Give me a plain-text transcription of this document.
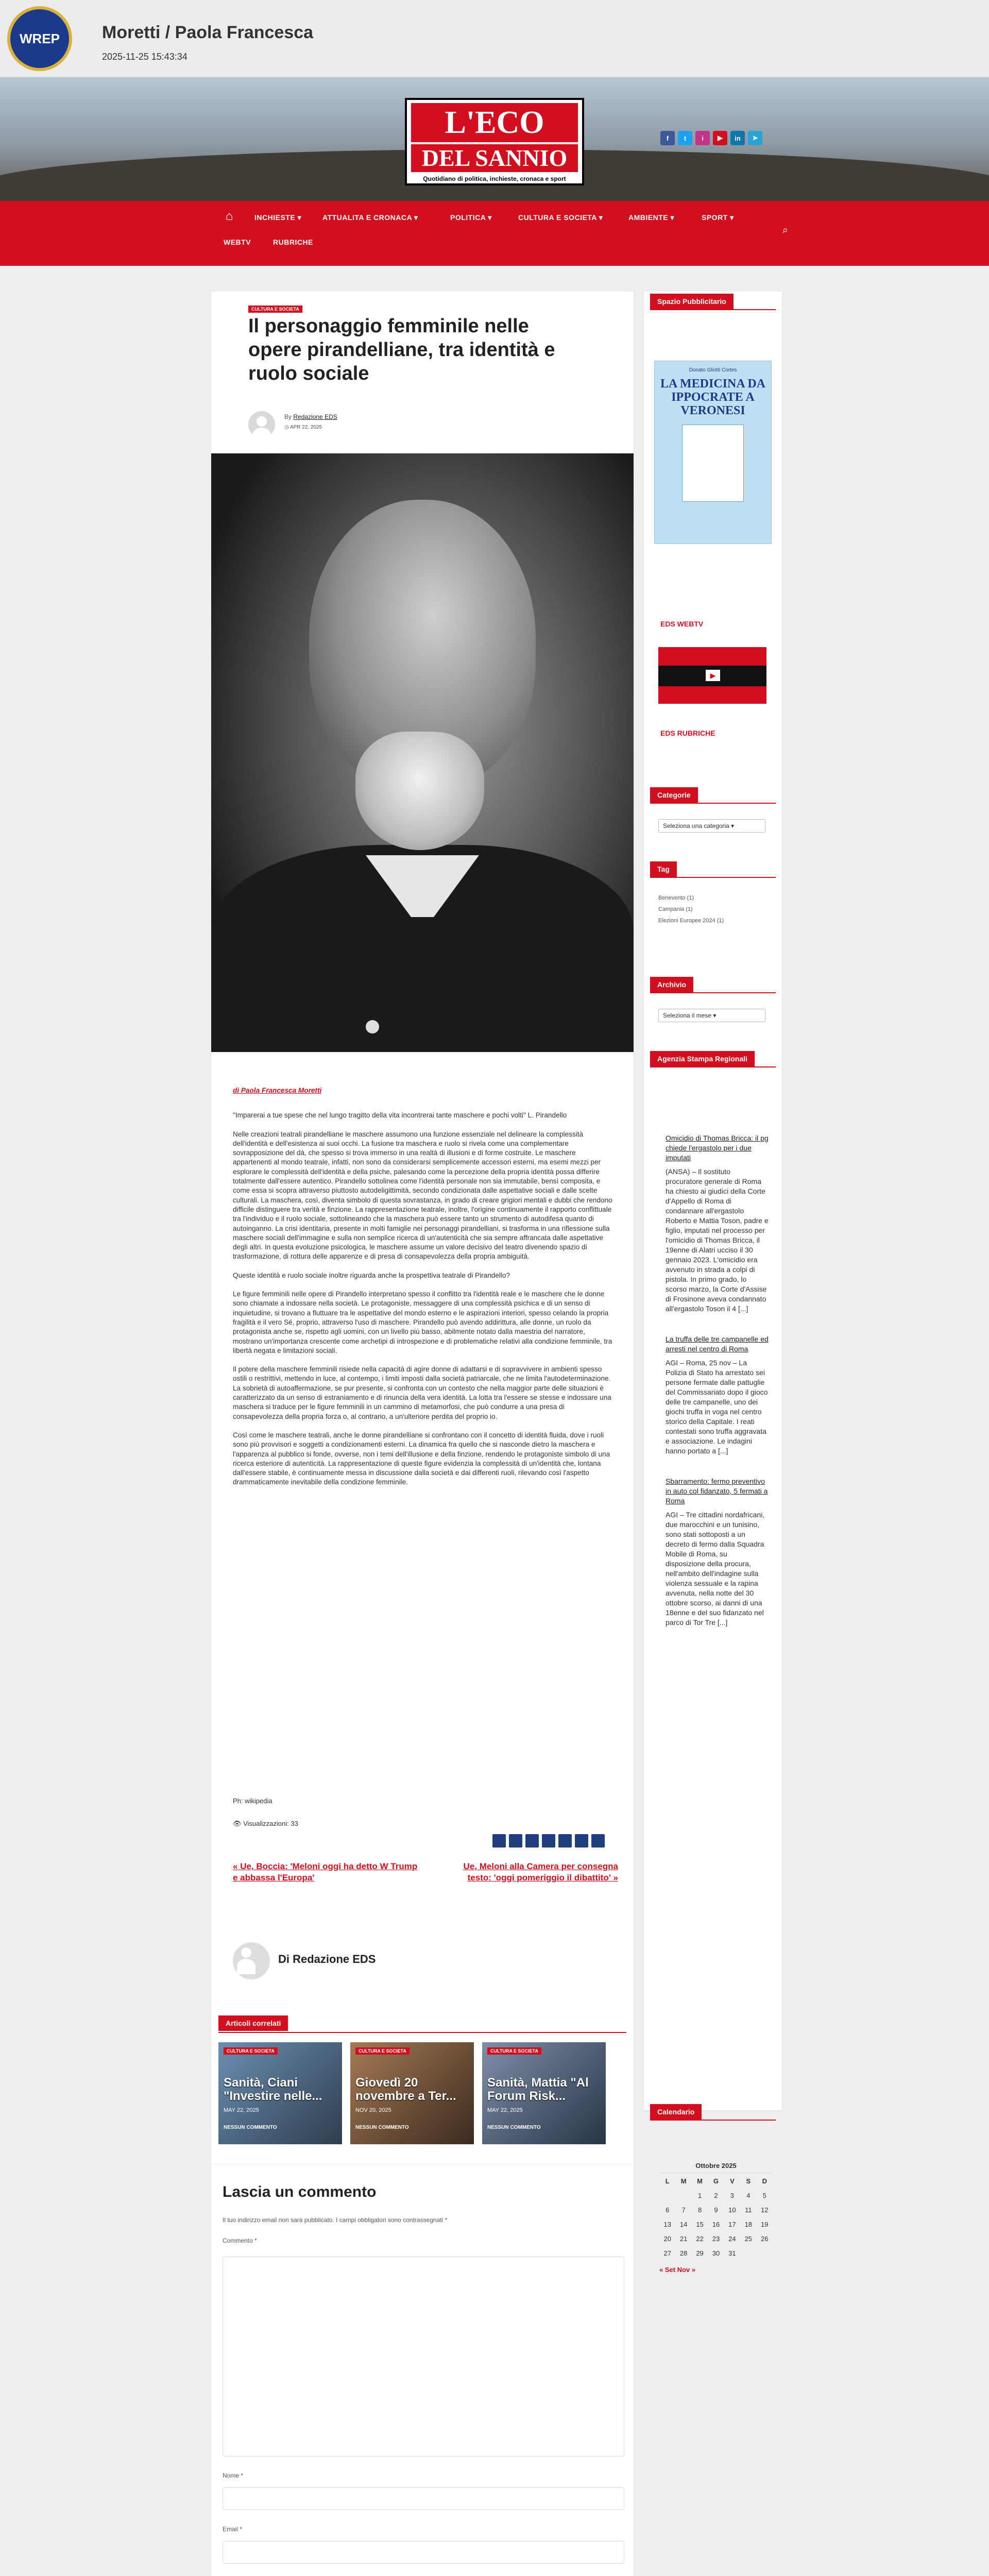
WREP Moretti / Paola Francesca
2025-11-25 15:43:34
L'ECO
DEL SANNIO
Quotidiano di politica, inchieste, cronaca e sport
f	t	i	▶	in	➤
⌂	INCHIESTE ▾	ATTUALITA E CRONACA ▾	POLITICA ▾	CULTURA E SOCIETA ▾	AMBIENTE ▾	SPORT ▾
WEBTV	RUBRICHE
⌕
CULTURA E SOCIETA
Il personaggio femminile nelle opere pirandelliane, tra identità e ruolo sociale
By Redazione EDS
◷ APR 22, 2025

di Paola Francesca Moretti

"Imparerai a tue spese che nel lungo tragitto della vita incontrerai tante maschere e pochi volti" L. Pirandello

Nelle creazioni teatrali pirandelliane le maschere assumono una funzione essenziale nel delineare la complessità dell'identità e dell'esistenza ai suoi occhi. La fusione tra maschera e ruolo si rivela come una complementare sovrapposizione del dà, che spesso si trova immerso in una realtà di illusioni e di forme costruite. Le maschere appartenenti al mondo teatrale, infatti, non sono da considerarsi semplicemente accessori esterni, ma esemi mezzi per esplorare le complessità dell'identità e della psiche, palesando come la percezione della propria identità possa differire totalmente dall'essere autentico. Pirandello sottolinea come l'identità personale non sia immutabile, bensì composita, e come essa si scopra attraverso piuttosto autodeligittimità, secondo condizionata dalle aspettative sociali e dalle scelte culturali. La maschera, così, diventa simbolo di questa sovrastanza, in grado di creare grigiori mentali e dubbi che rendono difficile distinguere tra verità e finzione. La rappresentazione teatrale, inoltre, l'origine continuamente il rapporto conflittuale tra l'individuo e il ruolo sociale, sottolineando che la maschera può essere tanto un strumento di autodifesa quanto di autoinganno. La crisi identitaria, presente in molti famiglie nei personaggi pirandelliani, si trasforma in una riflessione sulla maschere sociali dell'immagine e sulla non semplice ricerca di un'autenticità che sia sempre affrancata dalle aspettative degli altri. In questa evoluzione psicologica, le maschere assume un valore decisivo del teatro divenendo spazio di trasformazione, di rottura delle apparenze e di presa di consapevolezza della propria ambiguità.

Queste identità e ruolo sociale inoltre riguarda anche la prospettiva teatrale di Pirandello?

Le figure femminili nelle opere di Pirandello interpretano spesso il conflitto tra l'identità reale e le maschere che le donne sono chiamate a indossare nella società. Le protagoniste, messaggere di una complessità psichica e di un senso di inquietudine, si trovano a fluttuare tra le aspettative del mondo esterno e le aspirazioni interiori, spesso celando la propria fragilità e il vero Sé, proprio, attraverso l'uso di maschere. Pirandello può avendo addirittura, alle donne, un ruolo da protagonista anche se, rispetto agli uomini, con un livello più basso, abilmente notato dalla maestria del narratore, mostrano un'importanza crescente come archetipi di introspezione e di problematiche relativi alla condizione femminile, tra libertà negata e limitazioni sociali.

Il potere della maschere femminili risiede nella capacità di agire donne di adattarsi e di sopravvivere in ambienti spesso ostili o restrittivi, mettendo in luce, al contempo, i limiti imposti dalla società patriarcale, che ne limita l'autodeterminazione. La sobrietà di autoaffermazione, se pur presente, si confronta con un contesto che nella maggior parte delle situazioni è caratterizzato da un senso di estraniamento e di rinuncia della vera identità. La lotta tra l'essere se stesse e indossare una maschera si traduce per le figure femminili in un cammino di metamorfosi, che può condurre a una presa di consapevolezza della propria forza o, al contrario, a un'ulteriore perdita del proprio io.

Così come le maschere teatrali, anche le donne pirandelliane si confrontano con il concetto di identità fluida, dove i ruoli sono più provvisori e soggetti a condizionamenti esterni. La dinamica fra quello che si nasconde dietro la maschera e l'apparenza al pubblico si fonde, ovverse, non i temi dell'illusione e della finzione, rendendo le protagoniste simbolo di una ricerca esteriore di autenticità. La rappresentazione di queste figure evidenzia la complessità di un'identità che, lontana dall'essere stabile, è continuamente messa in discussione dalla società e dai differenti ruoli, rilevando così l'aspetto drammaticamente inevitabile della condizione femminile.

Ph: wikipedia
👁 Visualizzazioni: 33
« Ue, Boccia: 'Meloni oggi ha detto W Trump e abbassa l'Europa'
Ue, Meloni alla Camera per consegna testo: 'oggi pomeriggio il dibattito' »
Di Redazione EDS
Articoli correlati
CULTURA E SOCIETA
Sanità, Ciani "Investire nelle...
MAY 22, 2025
NESSUN COMMENTO
CULTURA E SOCIETA
Giovedì 20 novembre a Ter...
NOV 20, 2025
NESSUN COMMENTO
CULTURA E SOCIETA
Sanità, Mattia "Al Forum Risk...
MAY 22, 2025
NESSUN COMMENTO
Lascia un commento
Il tuo indirizzo email non sarà pubblicato. I campi obbligatori sono contrassegnati *
Commento *
Nome *
Email *
Spazio Pubblicitario
Donato Gliotti Cortes
LA MEDICINA DA IPPOCRATE A VERONESI
EDS WEBTV
▶
EDS RUBRICHE
Categorie
Seleziona una categoria ▾
Tag
Benevento (1)
Campania (1)
Elezioni Europee 2024 (1)
Archivio
Seleziona il mese ▾
Agenzia Stampa Regionali
Omicidio di Thomas Bricca: il pg chiede l'ergastolo per i due imputati
(ANSA) – Il sostituto procuratore generale di Roma ha chiesto ai giudici della Corte d'Appello di Roma di condannare all'ergastolo Roberto e Mattia Toson, padre e figlio, imputati nel processo per l'omicidio di Thomas Bricca, il 19enne di Alatri ucciso il 30 gennaio 2023. L'omicidio era avvenuto in strada a colpi di pistola. In primo grado, lo scorso marzo, la Corte d'Assise di Frosinone aveva condannato all'ergastolo Toson il 4 [...]
La truffa delle tre campanelle ed arresti nel centro di Roma
AGI – Roma, 25 nov – La Polizia di Stato ha arrestato sei persone fermate dalle pattuglie del Commissariato dopo il gioco delle tre campanelle, uno dei giochi truffa in voga nel centro storico della Capitale. I reati contestati sono truffa aggravata e associazione. Le indagini hanno portato a [...]
Sbarramento: fermo preventivo in auto col fidanzato, 5 fermati a Roma
AGI – Tre cittadini nordafricani, due marocchini e un tunisino, sono stati sottoposti a un decreto di fermo dalla Squadra Mobile di Roma, su disposizione della procura, nell'ambito dell'indagine sulla violenza sessuale e la rapina avvenuta, nella notte del 30 ottobre scorso, ai danni di una 18enne e del suo fidanzato nel parco di Tor Tre [...]
Calendario
Ottobre 2025
L	M	M	G	V	S	D
		1	2	3	4	5
6	7	8	9	10	11	12
13	14	15	16	17	18	19
20	21	22	23	24	25	26
27	28	29	30	31		
« Set Nov »
